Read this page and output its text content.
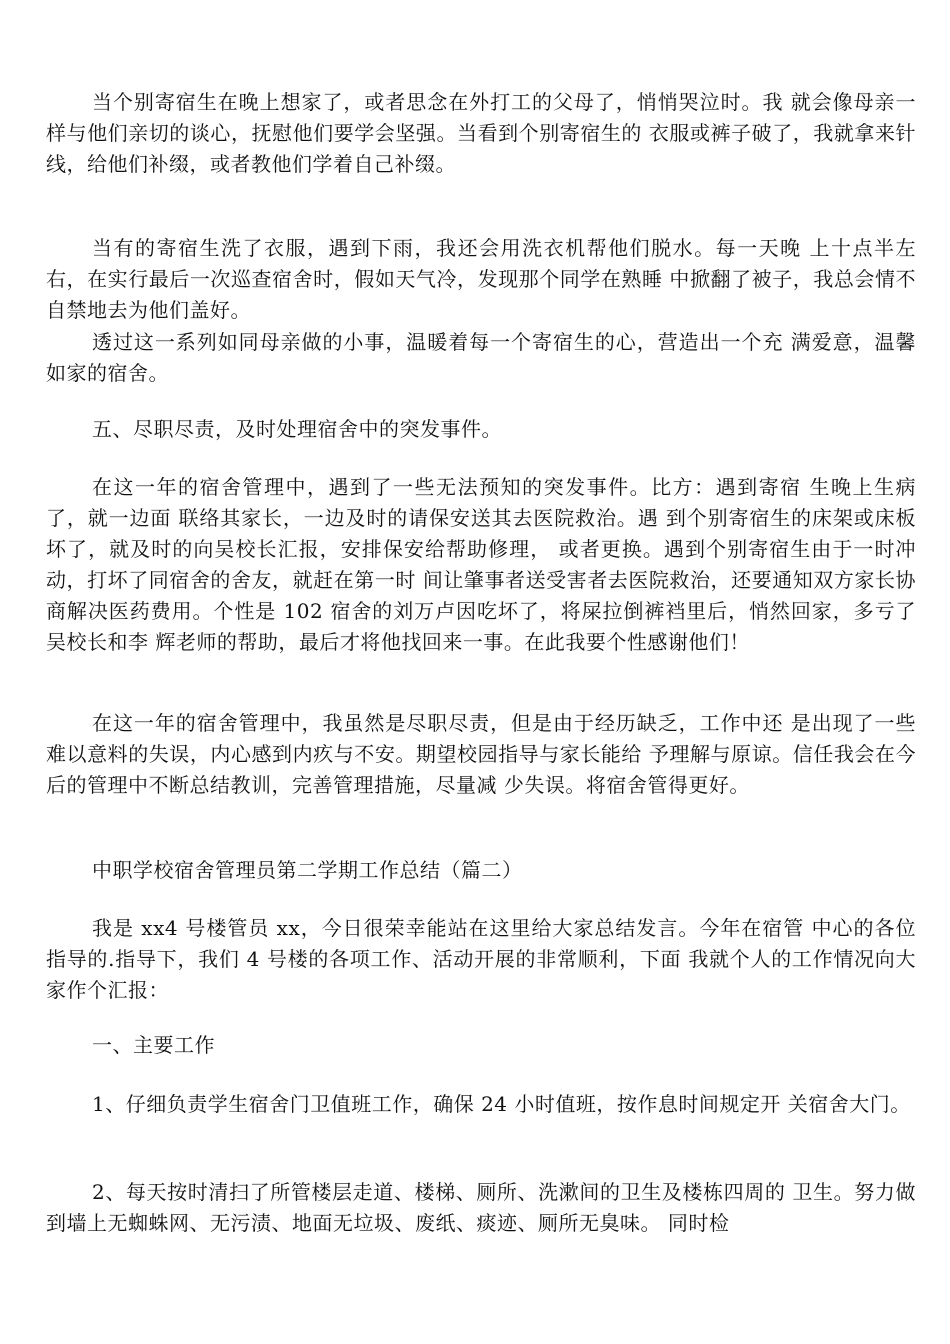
当个别寄宿生在晚上想家了，或者思念在外打工的父母了，悄悄哭泣时。我 就会像母亲一样与他们亲切的谈心，抚慰他们要学会坚强。当看到个别寄宿生的 衣服或裤子破了，我就拿来针线，给他们补缀，或者教他们学着自己补缀。

当有的寄宿生洗了衣服，遇到下雨，我还会用洗衣机帮他们脱水。每一天晚 上十点半左右，在实行最后一次巡查宿舍时，假如天气冷，发现那个同学在熟睡 中掀翻了被子，我总会情不自禁地去为他们盖好。

透过这一系列如同母亲做的小事，温暖着每一个寄宿生的心，营造出一个充 满爱意，温馨如家的宿舍。

五、尽职尽责，及时处理宿舍中的突发事件。

在这一年的宿舍管理中，遇到了一些无法预知的突发事件。比方：遇到寄宿 生晚上生病了，就一边面 联络其家长，一边及时的请保安送其去医院救治。遇 到个别寄宿生的床架或床板坏了，就及时的向吴校长汇报，安排保安给帮助修理， 或者更换。遇到个别寄宿生由于一时冲动，打坏了同宿舍的舍友，就赶在第一时 间让肇事者送受害者去医院救治，还要通知双方家长协商解决医药费用。个性是 102 宿舍的刘万卢因吃坏了，将屎拉倒裤裆里后，悄然回家，多亏了吴校长和李 辉老师的帮助，最后才将他找回来一事。在此我要个性感谢他们！

在这一年的宿舍管理中，我虽然是尽职尽责，但是由于经历缺乏，工作中还 是出现了一些难以意料的失误，内心感到内疚与不安。期望校园指导与家长能给 予理解与原谅。信任我会在今后的管理中不断总结教训，完善管理措施，尽量减 少失误。将宿舍管得更好。

中职学校宿舍管理员第二学期工作总结（篇二）

我是 xx4 号楼管员 xx，今日很荣幸能站在这里给大家总结发言。今年在宿管 中心的各位指导的.指导下，我们 4 号楼的各项工作、活动开展的非常顺利，下面 我就个人的工作情况向大家作个汇报：

一、主要工作

1、仔细负责学生宿舍门卫值班工作，确保 24 小时值班，按作息时间规定开 关宿舍大门。

2、每天按时清扫了所管楼层走道、楼梯、厕所、洗漱间的卫生及楼栋四周的 卫生。努力做到墙上无蜘蛛网、无污渍、地面无垃圾、废纸、痰迹、厕所无臭味。 同时检
